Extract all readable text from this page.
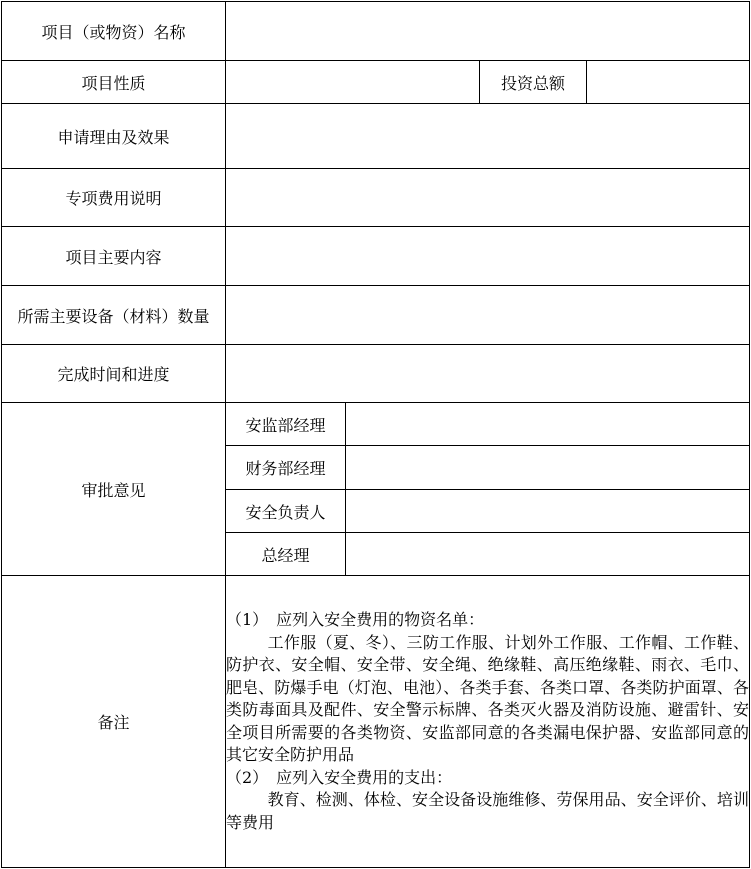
项目（或物资）名称				
项目性质			投资总额	
申请理由及效果				
专项费用说明				
项目主要内容				
所需主要设备（材料）数量				
完成时间和进度				
审批意见	安监部经理			
	财务部经理			
	安全负责人			
	总经理			
备注	（1）　应列入安全费用的物资名单：
工作服（夏、冬）、三防工作服、计划外工作服、工作帽、工作鞋、防护衣、安全帽、安全带、安全绳、绝缘鞋、高压绝缘鞋、雨衣、毛巾、肥皂、防爆手电（灯泡、电池）、各类手套、各类口罩、各类防护面罩、各类防毒面具及配件、安全警示标牌、各类灭火器及消防设施、避雷针、安全项目所需要的各类物资、安监部同意的各类漏电保护器、安监部同意的其它安全防护用品
（2）　应列入安全费用的支出：
教育、检测、体检、安全设备设施维修、劳保用品、安全评价、培训等费用			
